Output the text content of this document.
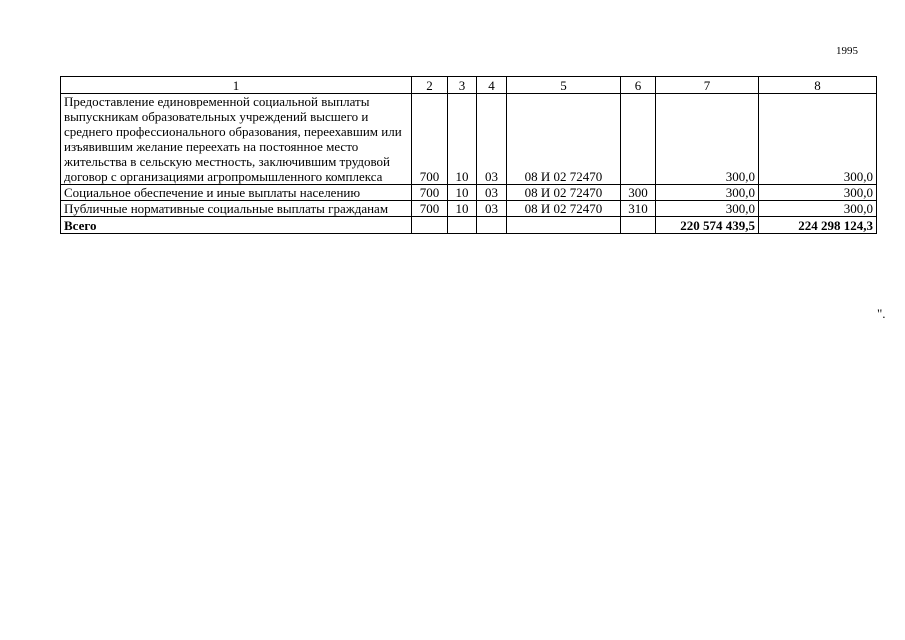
1995
1	2	3	4	5	6	7	8
Предоставление единовременной социальной выплаты выпускникам образовательных учреждений высшего и среднего профессионального образования, переехавшим или изъявившим желание переехать на постоянное место жительства в сельскую местность, заключившим трудовой договор с организациями агропромышленного комплекса	700	10	03	08 И 02 72470		300,0	300,0
Социальное обеспечение и иные выплаты населению	700	10	03	08 И 02 72470	300	300,0	300,0
Публичные нормативные социальные выплаты гражданам	700	10	03	08 И 02 72470	310	300,0	300,0
Всего						220 574 439,5	224 298 124,3
".
